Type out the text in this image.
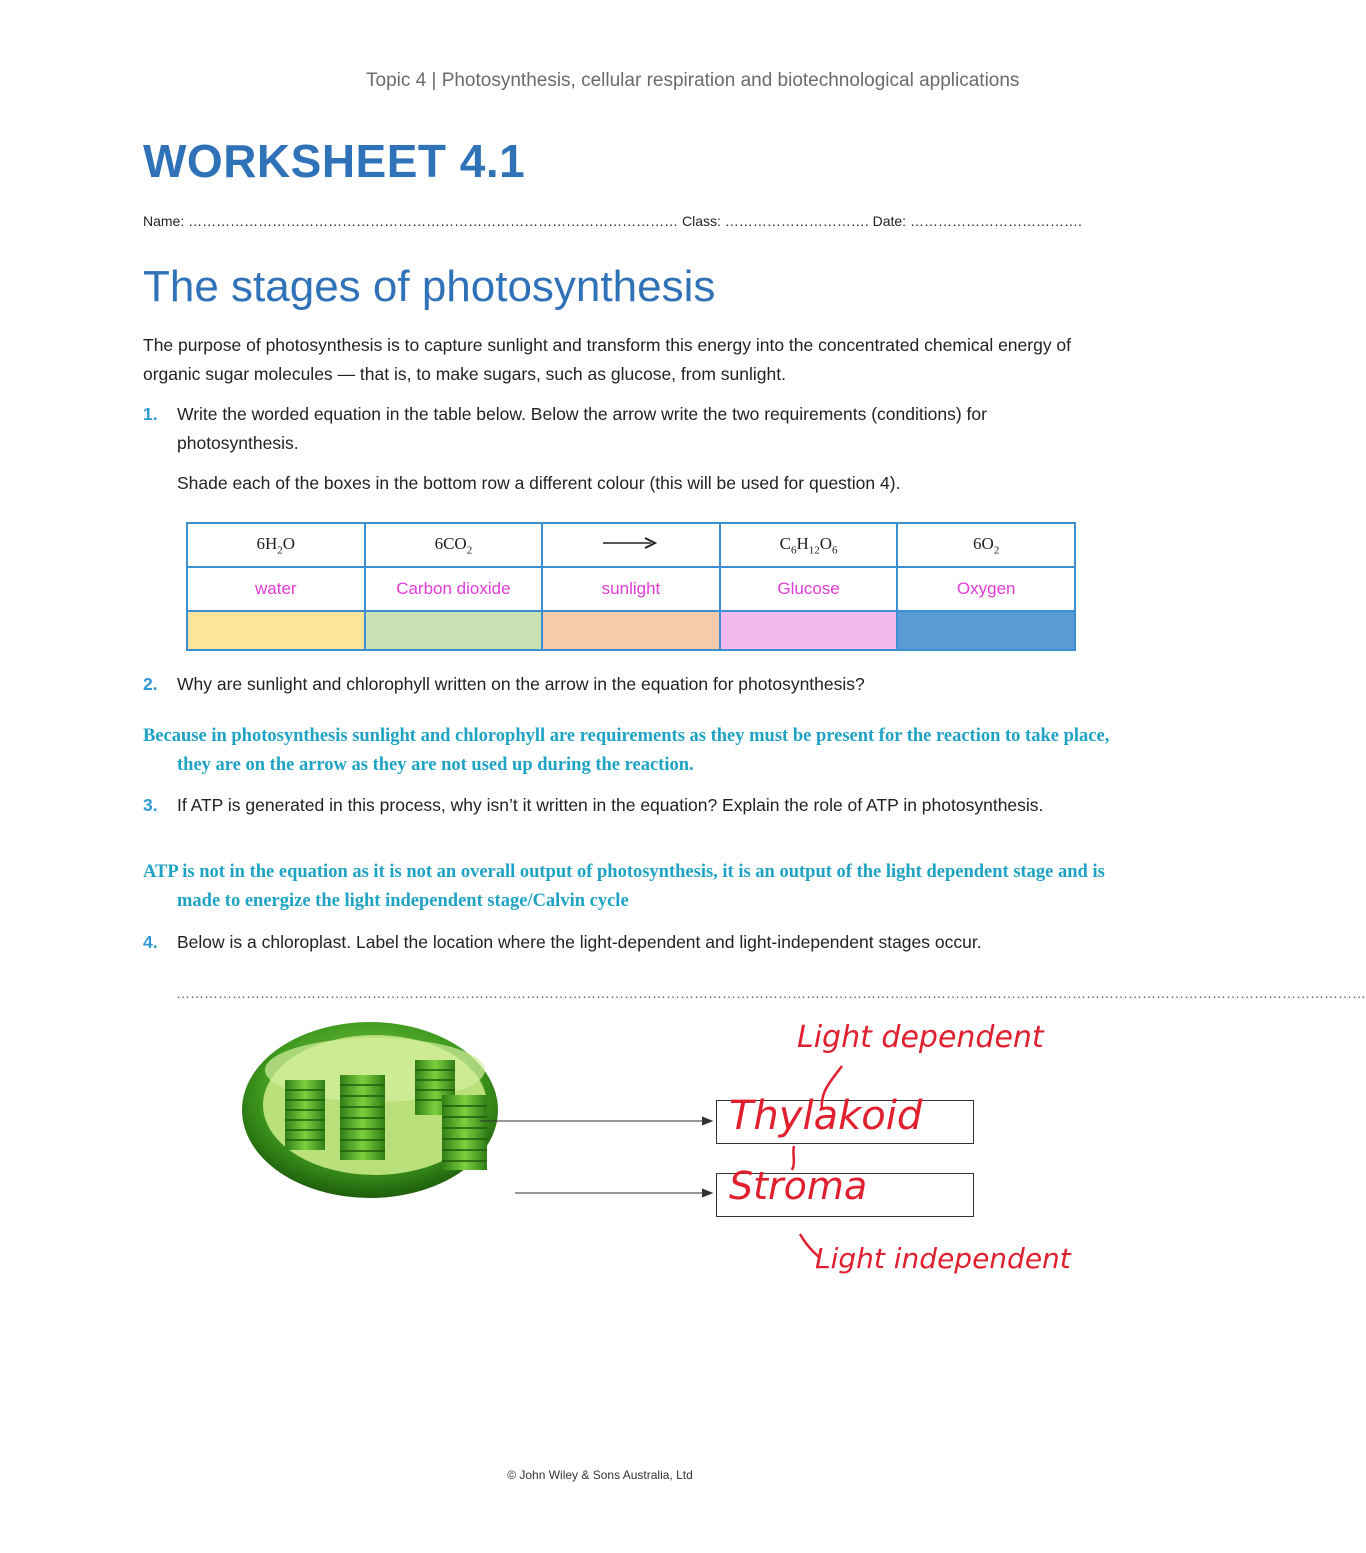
Topic 4 | Photosynthesis, cellular respiration and biotechnological applications
WORKSHEET 4.1
Name: …………………………………………………………………………………………… Class: …………………………. Date: ……………………………….
The stages of photosynthesis
The purpose of photosynthesis is to capture sunlight and transform this energy into the concentrated chemical energy of organic sugar molecules — that is, to make sugars, such as glucose, from sunlight.
1. Write the worded equation in the table below. Below the arrow write the two requirements (conditions) for photosynthesis.
Shade each of the boxes in the bottom row a different colour (this will be used for question 4).
$6H_2O$	$6CO_2$		$C_6H_{12}O_6$	$6O_2$
water	Carbon dioxide	sunlight	Glucose	Oxygen

2. Why are sunlight and chlorophyll written on the arrow in the equation for photosynthesis?
Because in photosynthesis sunlight and chlorophyll are requirements as they must be present for the reaction to take place, they are on the arrow as they are not used up during the reaction.
3. If ATP is generated in this process, why isn’t it written in the equation? Explain the role of ATP in photosynthesis.
ATP is not in the equation as it is not an overall output of photosynthesis, it is an output of the light dependent stage and is made to energize the light independent stage/Calvin cycle
4. Below is a chloroplast. Label the location where the light-dependent and light-independent stages occur.
…………………………………………………………………………………………………………………………………………………………………………………………………………………………………
Thylakoid
Stroma
Light dependent
Light independent
© John Wiley & Sons Australia, Ltd
